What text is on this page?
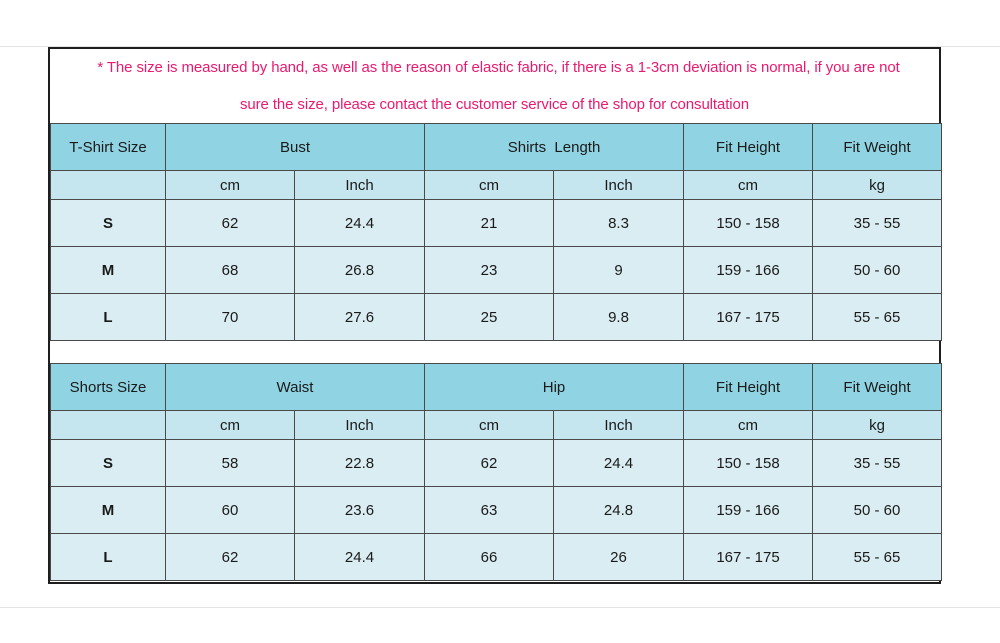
* The size is measured by hand, as well as the reason of elastic fabric, if there is a 1-3cm deviation is normal, if you are not
sure the size, please contact the customer service of the shop for consultation
T-Shirt Size	Bust		Shirts  Length		Fit Height	Fit Weight
	cm	Inch	cm	Inch	cm	kg
S	62	24.4	21	8.3	150 - 158	35 - 55
M	68	26.8	23	9	159 - 166	50 - 60
L	70	27.6	25	9.8	167 - 175	55 - 65
Shorts Size	Waist		Hip		Fit Height	Fit Weight
	cm	Inch	cm	Inch	cm	kg
S	58	22.8	62	24.4	150 - 158	35 - 55
M	60	23.6	63	24.8	159 - 166	50 - 60
L	62	24.4	66	26	167 - 175	55 - 65
